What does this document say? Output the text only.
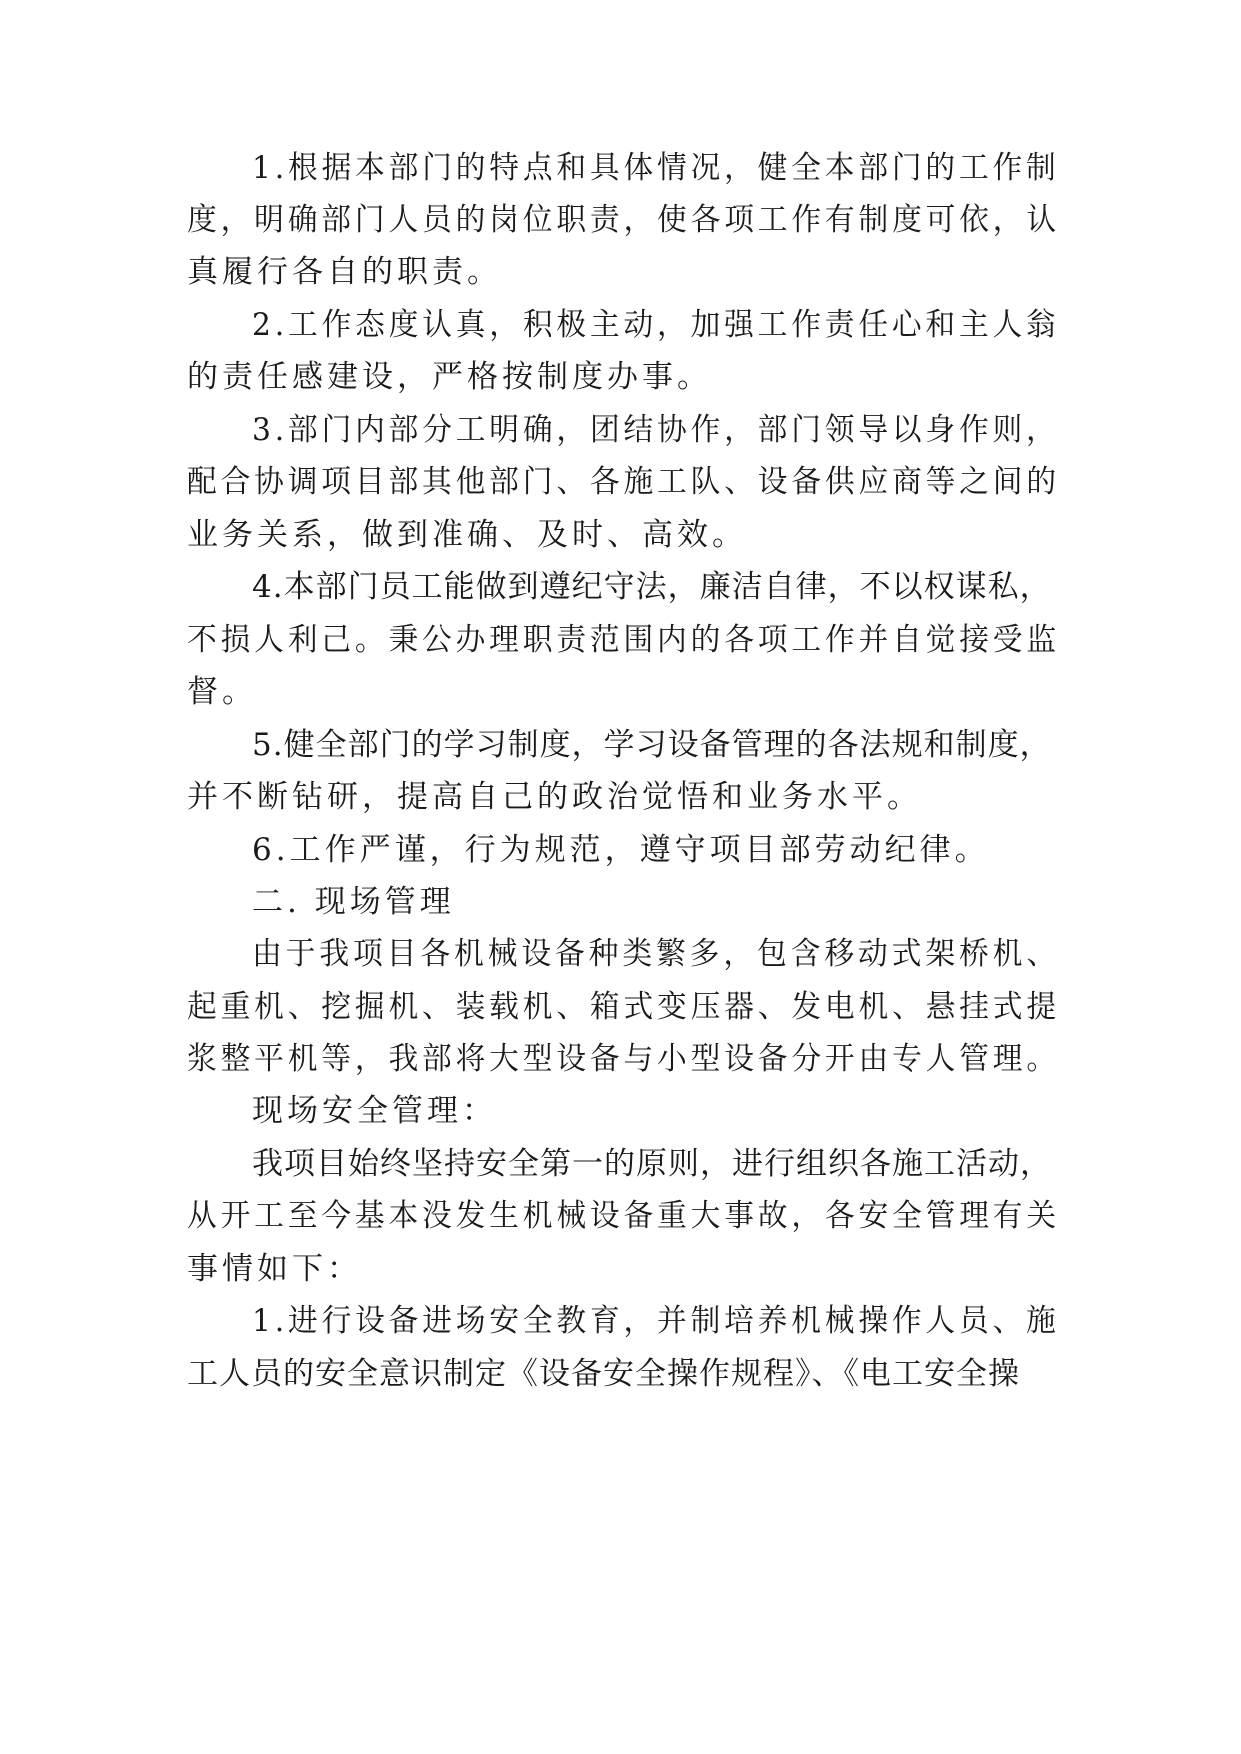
1.根据本部门的特点和具体情况，健全本部门的工作制

度，明确部门人员的岗位职责，使各项工作有制度可依，认

真履行各自的职责。

2.工作态度认真，积极主动，加强工作责任心和主人翁

的责任感建设，严格按制度办事。

3.部门内部分工明确，团结协作，部门领导以身作则，

配合协调项目部其他部门、各施工队、设备供应商等之间的

业务关系，做到准确、及时、高效。

4.本部门员工能做到遵纪守法，廉洁自律，不以权谋私，

不损人利己。秉公办理职责范围内的各项工作并自觉接受监

督。

5.健全部门的学习制度，学习设备管理的各法规和制度，

并不断钻研，提高自己的政治觉悟和业务水平。

6.工作严谨，行为规范，遵守项目部劳动纪律。

二. 现场管理

由于我项目各机械设备种类繁多，包含移动式架桥机、

起重机、挖掘机、装载机、箱式变压器、发电机、悬挂式提

浆整平机等，我部将大型设备与小型设备分开由专人管理。

现场安全管理：

我项目始终坚持安全第一的原则，进行组织各施工活动，

从开工至今基本没发生机械设备重大事故，各安全管理有关

事情如下：

1.进行设备进场安全教育，并制培养机械操作人员、施

工人员的安全意识制定《设备安全操作规程》、《电工安全操
